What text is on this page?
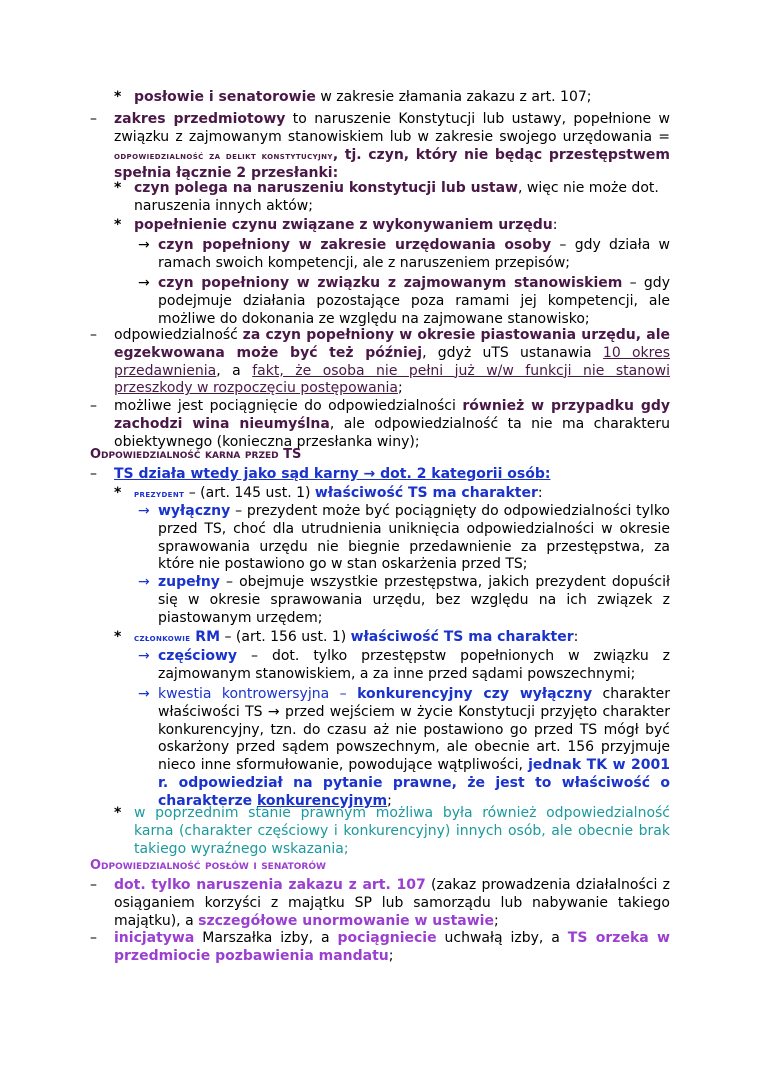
* posłowie i senatorowie w zakresie złamania zakazu z art. 107;

– zakres przedmiotowy to naruszenie Konstytucji lub ustawy, popełnione w związku z zajmowanym stanowiskiem lub w zakresie swojego urzędowania = odpowiedzialność za delikt konstytucyjny, tj. czyn, który nie będąc przestępstwem spełnia łącznie 2 przesłanki:

* czyn polega na naruszeniu konstytucji lub ustaw, więc nie może dot. naruszenia innych aktów;

* popełnienie czynu związane z wykonywaniem urzędu:

→ czyn popełniony w zakresie urzędowania osoby – gdy działa w ramach swoich kompetencji, ale z naruszeniem przepisów;

→ czyn popełniony w związku z zajmowanym stanowiskiem – gdy podejmuje działania pozostające poza ramami jej kompetencji, ale możliwe do dokonania ze względu na zajmowane stanowisko;

– odpowiedzialność za czyn popełniony w okresie piastowania urzędu, ale egzekwowana może być też później, gdyż uTS ustanawia 10 okres przedawnienia, a fakt, że osoba nie pełni już w/w funkcji nie stanowi przeszkody w rozpoczęciu postępowania;

– możliwe jest pociągnięcie do odpowiedzialności również w przypadku gdy zachodzi wina nieumyślna, ale odpowiedzialność ta nie ma charakteru obiektywnego (konieczna przesłanka winy);

Odpowiedzialność karna przed TS

– TS działa wtedy jako sąd karny → dot. 2 kategorii osób:

* prezydent – (art. 145 ust. 1) właściwość TS ma charakter:

→ wyłączny – prezydent może być pociągnięty do odpowiedzialności tylko przed TS, choć dla utrudnienia uniknięcia odpowiedzialności w okresie sprawowania urzędu nie biegnie przedawnienie za przestępstwa, za które nie postawiono go w stan oskarżenia przed TS;

→ zupełny – obejmuje wszystkie przestępstwa, jakich prezydent dopuścił się w okresie sprawowania urzędu, bez względu na ich związek z piastowanym urzędem;

* członkowie RM – (art. 156 ust. 1) właściwość TS ma charakter:

→ częściowy – dot. tylko przestępstw popełnionych w związku z zajmowanym stanowiskiem, a za inne przed sądami powszechnymi;

→ kwestia kontrowersyjna – konkurencyjny czy wyłączny charakter właściwości TS → przed wejściem w życie Konstytucji przyjęto charakter konkurencyjny, tzn. do czasu aż nie postawiono go przed TS mógł być oskarżony przed sądem powszechnym, ale obecnie art. 156 przyjmuje nieco inne sformułowanie, powodujące wątpliwości, jednak TK w 2001 r. odpowiedział na pytanie prawne, że jest to właściwość o charakterze konkurencyjnym;

* w poprzednim stanie prawnym możliwa była również odpowiedzialność karna (charakter częściowy i konkurencyjny) innych osób, ale obecnie brak takiego wyraźnego wskazania;

Odpowiedzialność posłów i senatorów

– dot. tylko naruszenia zakazu z art. 107 (zakaz prowadzenia działalności z osiąganiem korzyści z majątku SP lub samorządu lub nabywanie takiego majątku), a szczegółowe unormowanie w ustawie;

– inicjatywa Marszałka izby, a pociągniecie uchwałą izby, a TS orzeka w przedmiocie pozbawienia mandatu;
